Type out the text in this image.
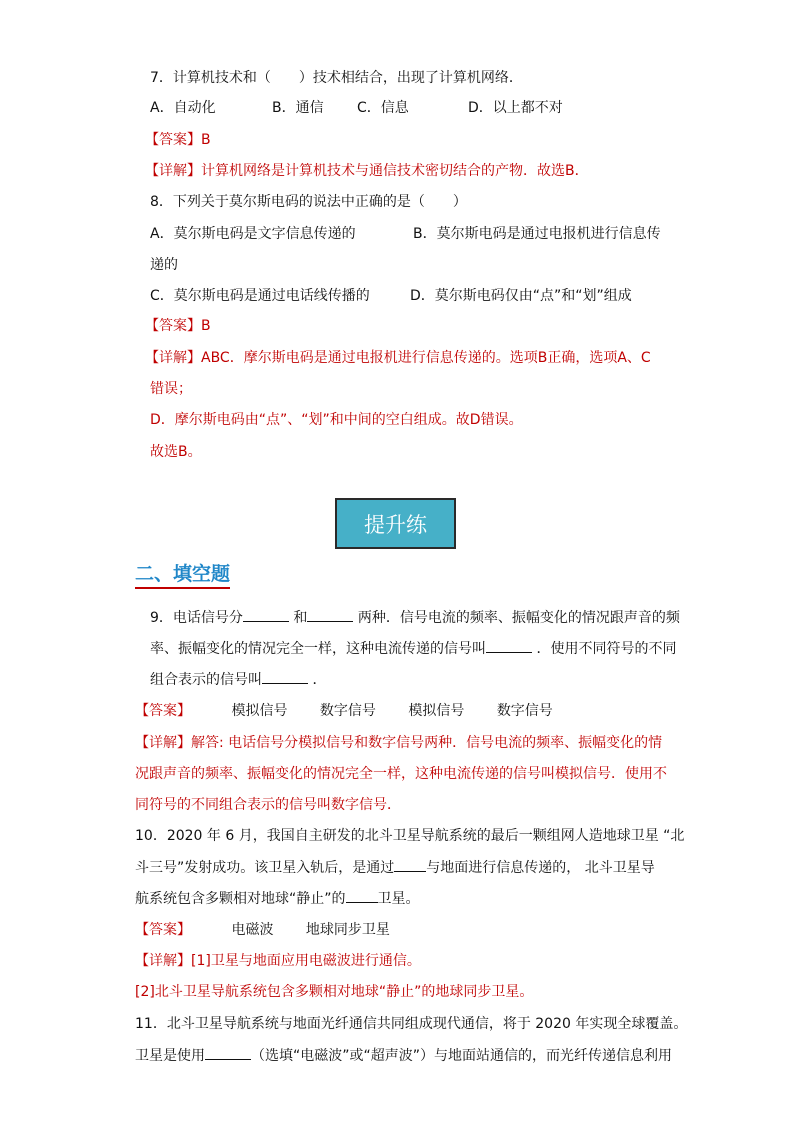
7．计算机技术和（　　）技术相结合，出现了计算机网络．
A．自动化	B．通信 C．信息	D．以上都不对
【答案】B
【详解】计算机网络是计算机技术与通信技术密切结合的产物．故选B．
8．下列关于莫尔斯电码的说法中正确的是（　　）
A．莫尔斯电码是文字信息传递的	B．莫尔斯电码是通过电报机进行信息传
递的
C．莫尔斯电码是通过电话线传播的	D．莫尔斯电码仅由“点”和“划”组成
【答案】B
【详解】ABC．摩尔斯电码是通过电报机进行信息传递的。选项B正确，选项A、C
错误；
D．摩尔斯电码由“点”、“划”和中间的空白组成。故D错误。
故选B。
提升练
二、填空题
9．电话信号分	和	两种．信号电流的频率、振幅变化的情况跟声音的频
率、振幅变化的情况完全一样，这种电流传递的信号叫	．使用不同符号的不同
组合表示的信号叫	．
【答案】	模拟信号 数字信号 模拟信号 数字信号
【详解】解答: 电话信号分模拟信号和数字信号两种．信号电流的频率、振幅变化的情
况跟声音的频率、振幅变化的情况完全一样，这种电流传递的信号叫模拟信号．使用不
同符号的不同组合表示的信号叫数字信号．
10．2020 年 6 月，我国自主研发的北斗卫星导航系统的最后一颗组网人造地球卫星 “北
斗三号”发射成功。该卫星入轨后，是通过 与地面进行信息传递的， 北斗卫星导
航系统包含多颗相对地球“静止”的 卫星。
【答案】	电磁波 地球同步卫星
【详解】[1]卫星与地面应用电磁波进行通信。
[2]北斗卫星导航系统包含多颗相对地球“静止”的地球同步卫星。
11．北斗卫星导航系统与地面光纤通信共同组成现代通信，将于 2020 年实现全球覆盖。
卫星是使用	（选填“电磁波”或“超声波”）与地面站通信的，而光纤传递信息利用
